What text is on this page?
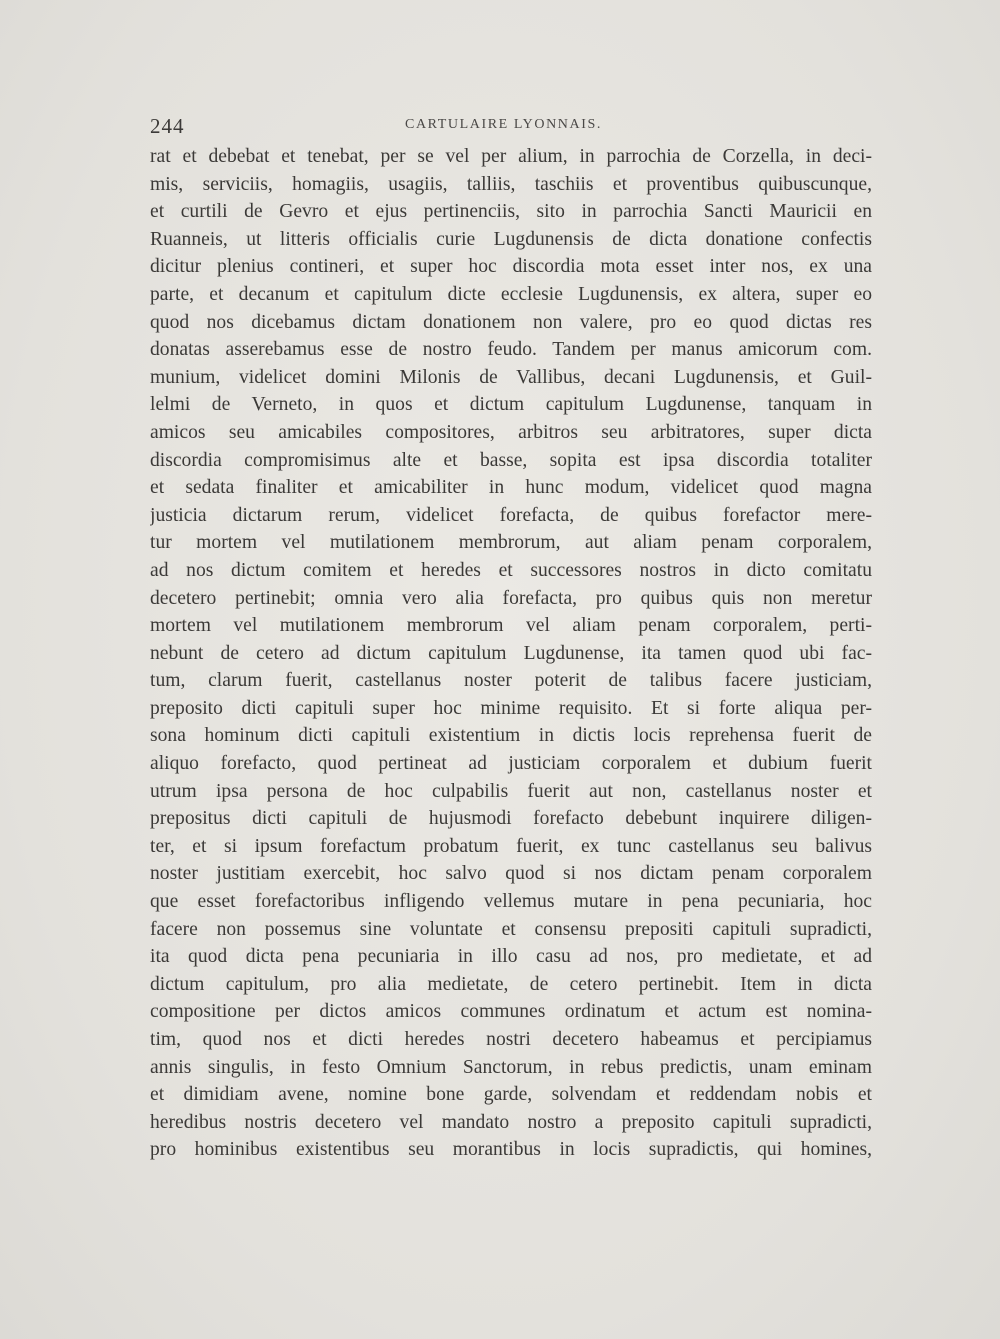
244	CARTULAIRE LYONNAIS.
rat et debebat et tenebat, per se vel per alium, in parrochia de Corzella, in deci-
mis, serviciis, homagiis, usagiis, talliis, taschiis et proventibus quibuscunque,
et curtili de Gevro et ejus pertinenciis, sito in parrochia Sancti Mauricii en
Ruanneis, ut litteris officialis curie Lugdunensis de dicta donatione confectis
dicitur plenius contineri, et super hoc discordia mota esset inter nos, ex una
parte, et decanum et capitulum dicte ecclesie Lugdunensis, ex altera, super eo
quod nos dicebamus dictam donationem non valere, pro eo quod dictas res
donatas asserebamus esse de nostro feudo. Tandem per manus amicorum com.
munium, videlicet domini Milonis de Vallibus, decani Lugdunensis, et Guil-
lelmi de Verneto, in quos et dictum capitulum Lugdunense, tanquam in
amicos seu amicabiles compositores, arbitros seu arbitratores, super dicta
discordia compromisimus alte et basse, sopita est ipsa discordia totaliter
et sedata finaliter et amicabiliter in hunc modum, videlicet quod magna
justicia dictarum rerum, videlicet forefacta, de quibus forefactor mere-
tur mortem vel mutilationem membrorum, aut aliam penam corporalem,
ad nos dictum comitem et heredes et successores nostros in dicto comitatu
decetero pertinebit; omnia vero alia forefacta, pro quibus quis non meretur
mortem vel mutilationem membrorum vel aliam penam corporalem, perti-
nebunt de cetero ad dictum capitulum Lugdunense, ita tamen quod ubi fac-
tum, clarum fuerit, castellanus noster poterit de talibus facere justiciam,
preposito dicti capituli super hoc minime requisito. Et si forte aliqua per-
sona hominum dicti capituli existentium in dictis locis reprehensa fuerit de
aliquo forefacto, quod pertineat ad justiciam corporalem et dubium fuerit
utrum ipsa persona de hoc culpabilis fuerit aut non, castellanus noster et
prepositus dicti capituli de hujusmodi forefacto debebunt inquirere diligen-
ter, et si ipsum forefactum probatum fuerit, ex tunc castellanus seu balivus
noster justitiam exercebit, hoc salvo quod si nos dictam penam corporalem
que esset forefactoribus infligendo vellemus mutare in pena pecuniaria, hoc
facere non possemus sine voluntate et consensu prepositi capituli supradicti,
ita quod dicta pena pecuniaria in illo casu ad nos, pro medietate, et ad
dictum capitulum, pro alia medietate, de cetero pertinebit. Item in dicta
compositione per dictos amicos communes ordinatum et actum est nomina-
tim, quod nos et dicti heredes nostri decetero habeamus et percipiamus
annis singulis, in festo Omnium Sanctorum, in rebus predictis, unam eminam
et dimidiam avene, nomine bone garde, solvendam et reddendam nobis et
heredibus nostris decetero vel mandato nostro a preposito capituli supradicti,
pro hominibus existentibus seu morantibus in locis supradictis, qui homines,
